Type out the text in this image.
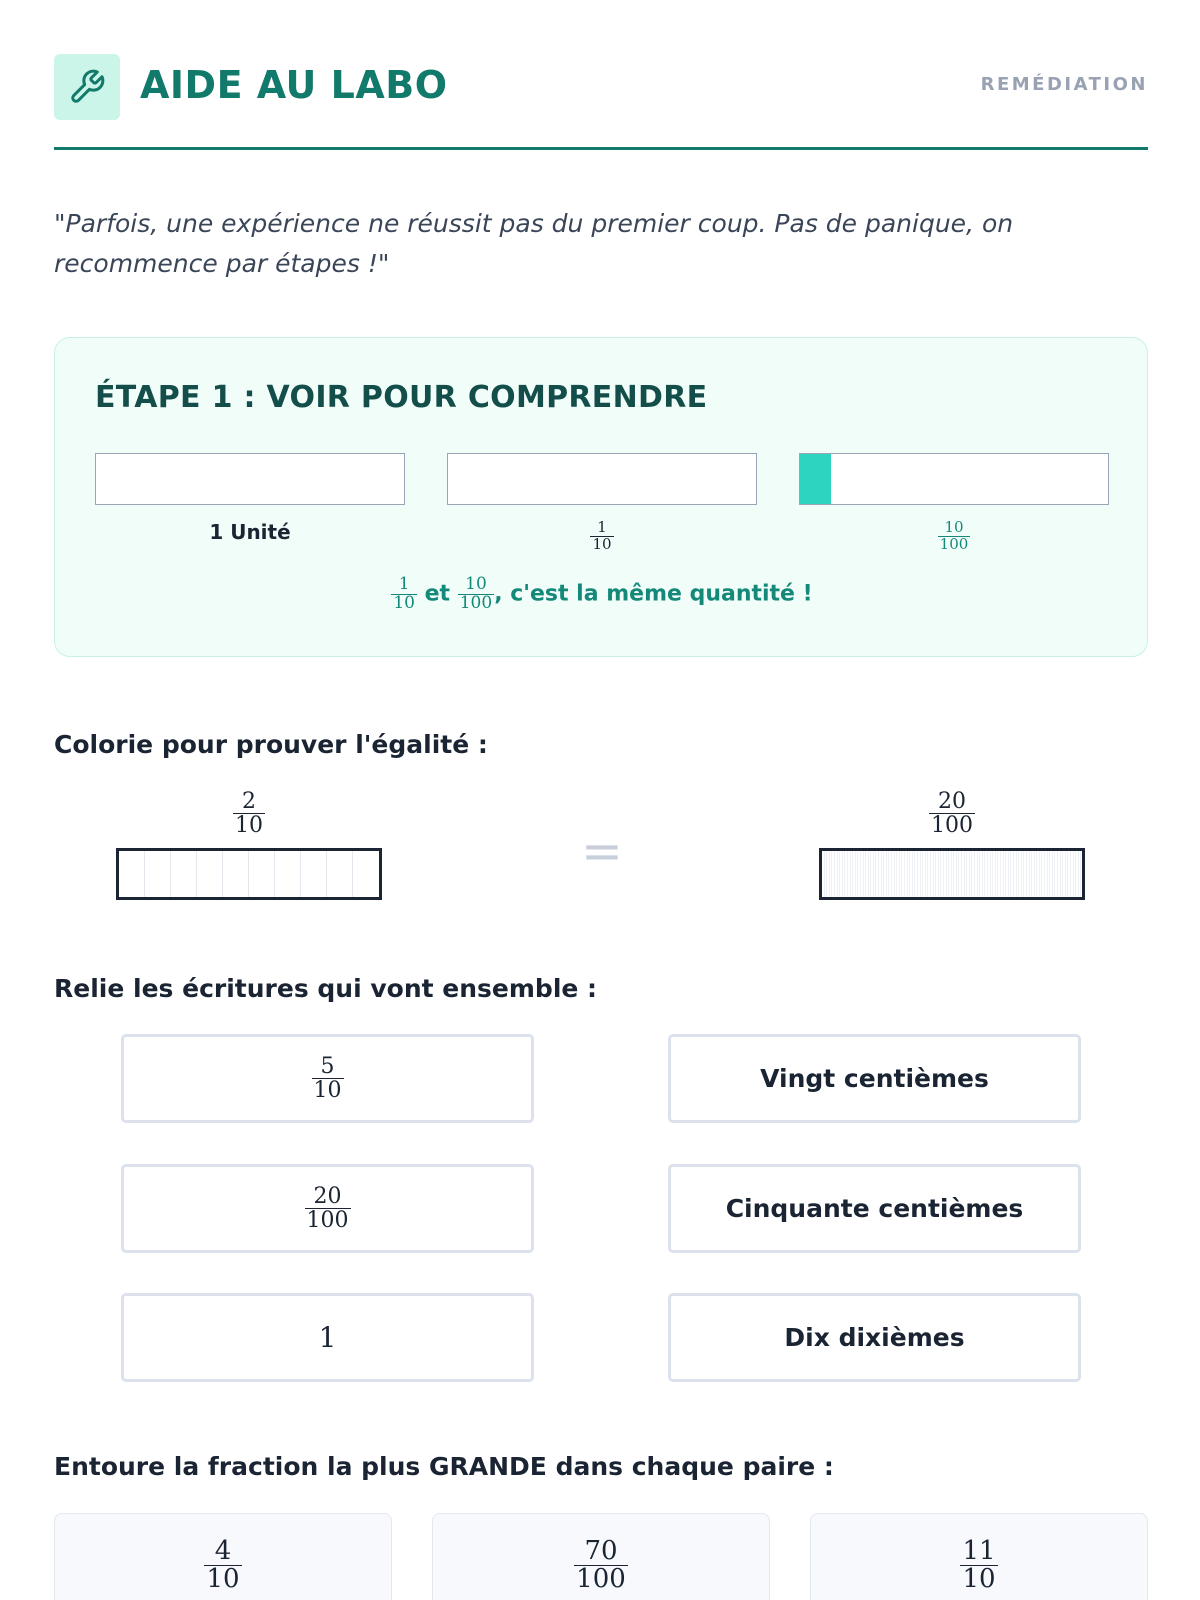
AIDE AU LABO	REMÉDIATION

"Parfois, une expérience ne réussit pas du premier coup. Pas de panique, on recommence par étapes !"

ÉTAPE 1 : VOIR POUR COMPRENDRE
1 Unité	$\frac{1}{10}$	$\frac{10}{100}$
$\frac{1}{10}$ et $\frac{10}{100}$ , c'est la même quantité !
Colorie pour prouver l'égalité :
$\frac{2}{10}$	$\frac{20}{100}$
=
Relie les écritures qui vont ensemble :
$\frac{5}{10}$
$\frac{20}{100}$
1
Vingt centièmes
Cinquante centièmes
Dix dixièmes
Entoure la fraction la plus GRANDE dans chaque paire :
$\frac{4}{10}$	$\frac{70}{100}$	$\frac{11}{10}$
